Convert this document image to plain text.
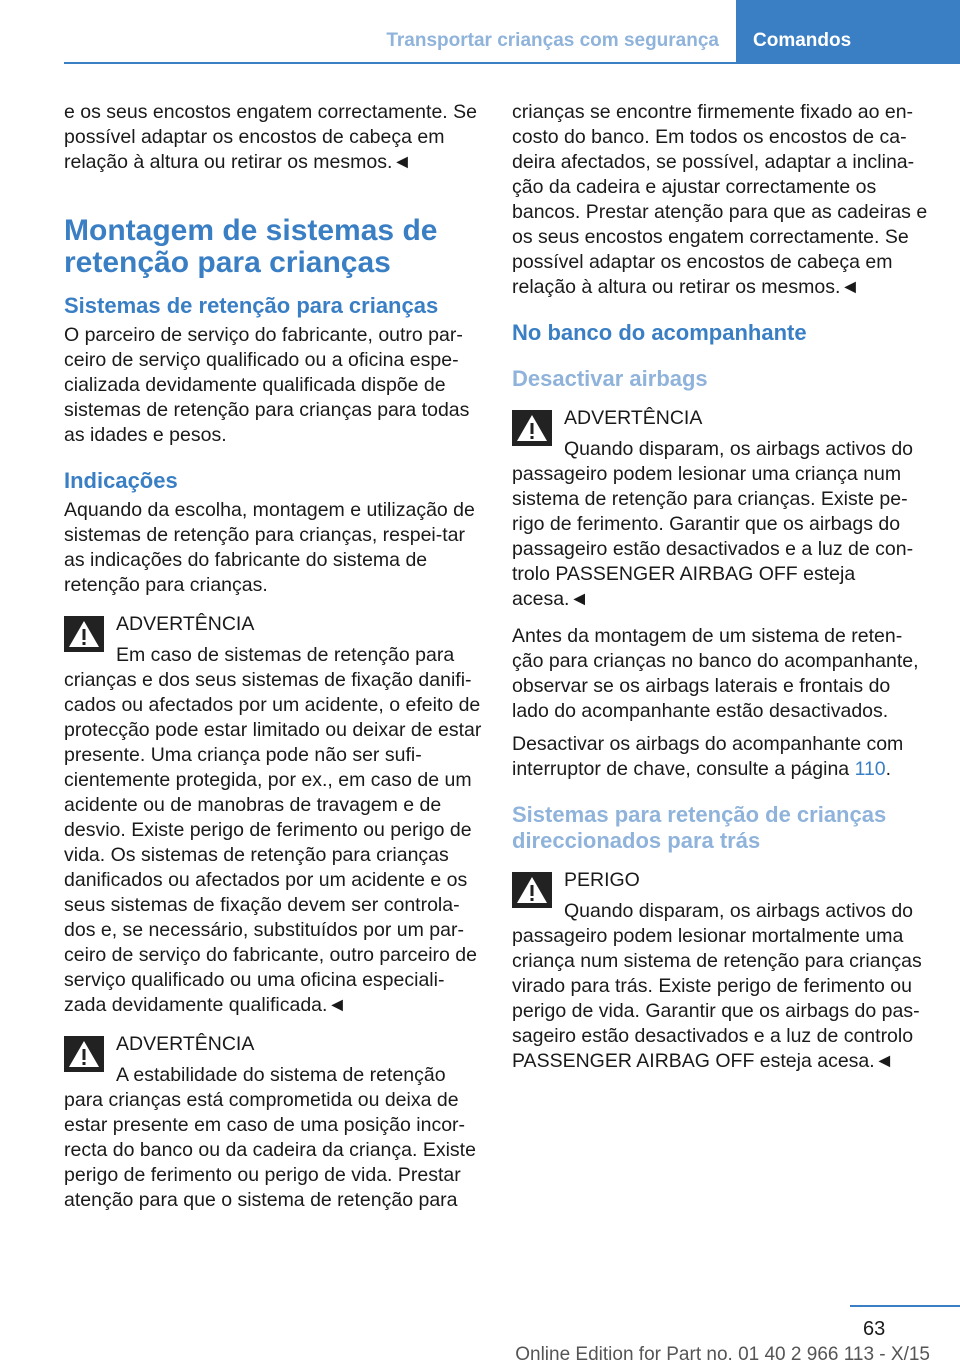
Transportar crianças com segurança	Comandos

e os seus encostos engatem correctamente. Se possível adaptar os encostos de cabeça em relação à altura ou retirar os mesmos.◄

Montagem de sistemas de retenção para crianças
Sistemas de retenção para crianças

O parceiro de serviço do fabricante, outro par‐ceiro de serviço qualificado ou a oficina espe‐cializada devidamente qualificada dispõe de sistemas de retenção para crianças para todas as idades e pesos.

Indicações

Aquando da escolha, montagem e utilização de sistemas de retenção para crianças, respei‐tar as indicações do fabricante do sistema de retenção para crianças.

ADVERTÊNCIA
Em caso de sistemas de retenção para crianças e dos seus sistemas de fixação danifi‐cados ou afectados por um acidente, o efeito de protecção pode estar limitado ou deixar de estar presente. Uma criança pode não ser sufi‐cientemente protegida, por ex., em caso de um acidente ou de manobras de travagem e de desvio. Existe perigo de ferimento ou perigo de vida. Os sistemas de retenção para crianças danificados ou afectados por um acidente e os seus sistemas de fixação devem ser controla‐dos e, se necessário, substituídos por um par‐ceiro de serviço do fabricante, outro parceiro de serviço qualificado ou uma oficina especiali‐zada devidamente qualificada.◄
ADVERTÊNCIA
A estabilidade do sistema de retenção para crianças está comprometida ou deixa de estar presente em caso de uma posição incor‐recta do banco ou da cadeira da criança. Existe perigo de ferimento ou perigo de vida. Prestar atenção para que o sistema de retenção para

crianças se encontre firmemente fixado ao en‐costo do banco. Em todos os encostos de ca‐deira afectados, se possível, adaptar a inclina‐ção da cadeira e ajustar correctamente os bancos. Prestar atenção para que as cadeiras e os seus encostos engatem correctamente. Se possível adaptar os encostos de cabeça em relação à altura ou retirar os mesmos.◄

No banco do acompanhante
Desactivar airbags
ADVERTÊNCIA
Quando disparam, os airbags activos do passageiro podem lesionar uma criança num sistema de retenção para crianças. Existe pe‐rigo de ferimento. Garantir que os airbags do passageiro estão desactivados e a luz de con‐trolo PASSENGER AIRBAG OFF esteja acesa.◄

Antes da montagem de um sistema de reten‐ção para crianças no banco do acompanhante, observar se os airbags laterais e frontais do lado do acompanhante estão desactivados.

Desactivar os airbags do acompanhante com interruptor de chave, consulte a página 110.

Sistemas para retenção de crianças direccionados para trás
PERIGO
Quando disparam, os airbags activos do passageiro podem lesionar mortalmente uma criança num sistema de retenção para crianças virado para trás. Existe perigo de ferimento ou perigo de vida. Garantir que os airbags do pas‐sageiro estão desactivados e a luz de controlo PASSENGER AIRBAG OFF esteja acesa.◄
63
Online Edition for Part no. 01 40 2 966 113 - X/15
